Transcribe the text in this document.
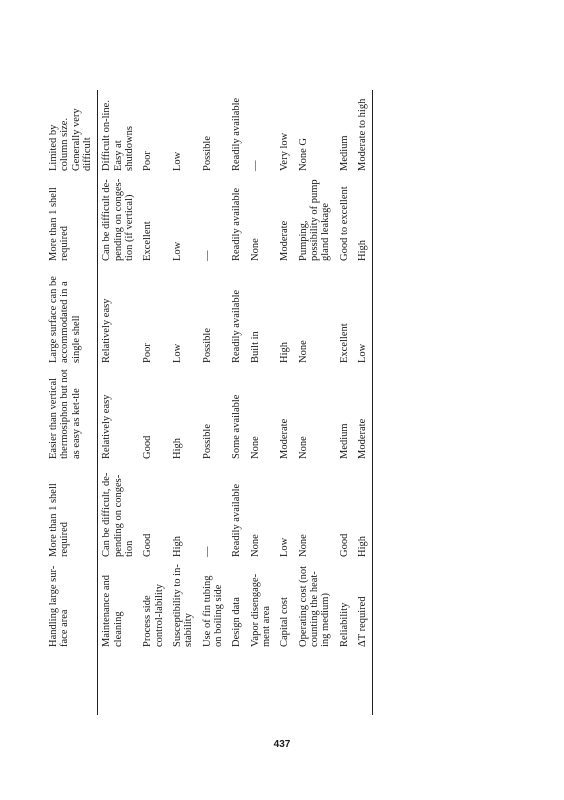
	Handling large sur-face area	More than 1 shell required	Easier than vertical thermosiphon but not as easy as ket-tle	Large surface can be accommodated in a single shell	More than 1 shell required	Limited by column size. Generally very difficult
	Maintenance and cleaning	Can be difficult, de-pending on conges-tion	Relatively easy	Relatively easy	Can be difficult de-pending on conges-tion (if vertical)	Difficult on-line. Easy at shutdowns
	Process side control-lability	Good	Good	Poor	Excellent	Poor
	Susceptibility to in-stability	High	High	Low	Low	Low
	Use of fin tubing on boiling side	—	Possible	Possible	—	Possible
	Design data	Readily available	Some available	Readily available	Readily available	Readily available
	Vapor disengage-ment area	None	None	Built in	None	—
	Capital cost	Low	Moderate	High	Moderate	Very low
	Operating cost (not counting the heat-ing medium)	None	None	None	Pumping, possibility of pump gland leakage	None G
	Reliability	Good	Medium	Excellent	Good to excellent	Medium
	ΔT required	High	Moderate	Low	High	Moderate to high
437
